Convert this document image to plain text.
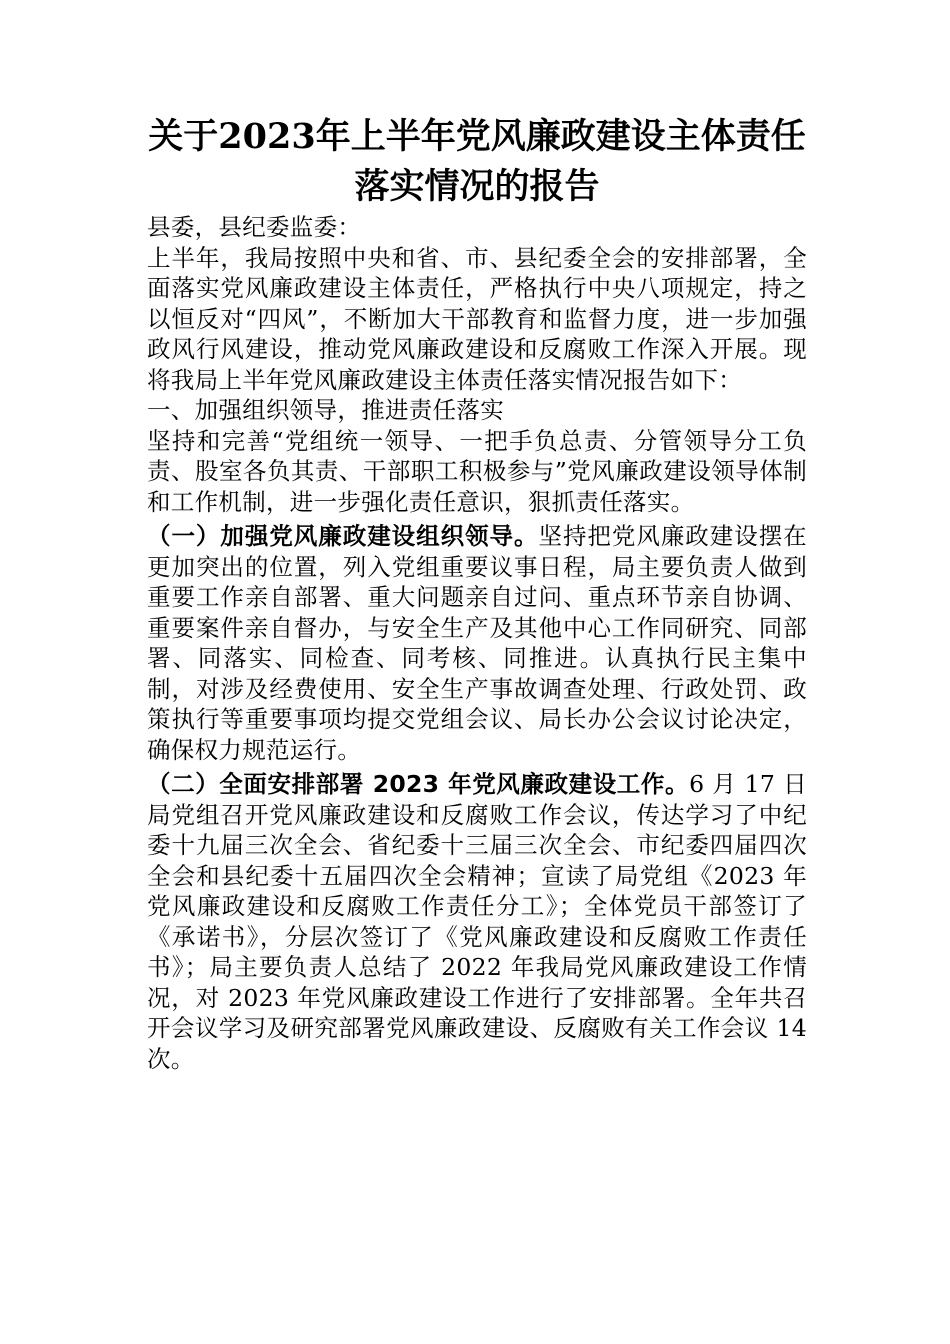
关于2023年上半年党风廉政建设主体责任落实情况的报告

县委，县纪委监委：

上半年，我局按照中央和省、市、县纪委全会的安排部署，全面落实党风廉政建设主体责任，严格执行中央八项规定，持之以恒反对“四风”，不断加大干部教育和监督力度，进一步加强政风行风建设，推动党风廉政建设和反腐败工作深入开展。现将我局上半年党风廉政建设主体责任落实情况报告如下：

一、加强组织领导，推进责任落实

坚持和完善“党组统一领导、一把手负总责、分管领导分工负责、股室各负其责、干部职工积极参与”党风廉政建设领导体制和工作机制，进一步强化责任意识，狠抓责任落实。

（一）加强党风廉政建设组织领导。坚持把党风廉政建设摆在更加突出的位置，列入党组重要议事日程，局主要负责人做到重要工作亲自部署、重大问题亲自过问、重点环节亲自协调、重要案件亲自督办，与安全生产及其他中心工作同研究、同部署、同落实、同检查、同考核、同推进。认真执行民主集中制，对涉及经费使用、安全生产事故调查处理、行政处罚、政策执行等重要事项均提交党组会议、局长办公会议讨论决定，确保权力规范运行。

（二）全面安排部署 2023 年党风廉政建设工作。6 月 17 日局党组召开党风廉政建设和反腐败工作会议，传达学习了中纪委十九届三次全会、省纪委十三届三次全会、市纪委四届四次全会和县纪委十五届四次全会精神；宣读了局党组《2023 年党风廉政建设和反腐败工作责任分工》；全体党员干部签订了《承诺书》，分层次签订了《党风廉政建设和反腐败工作责任书》；局主要负责人总结了 2022 年我局党风廉政建设工作情况，对 2023 年党风廉政建设工作进行了安排部署。全年共召开会议学习及研究部署党风廉政建设、反腐败有关工作会议 14 次。
